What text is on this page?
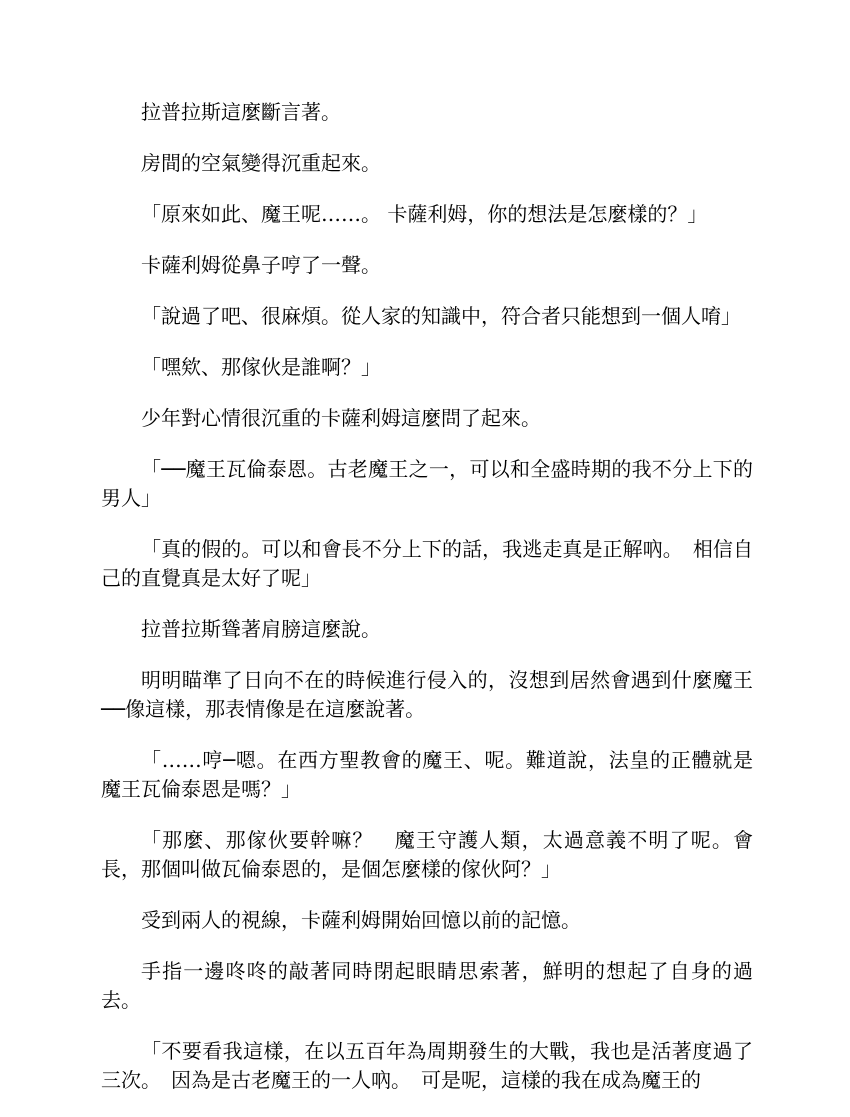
拉普拉斯這麼斷言著。

房間的空氣變得沉重起來。

「原來如此、魔王呢……。 卡薩利姆，你的想法是怎麼樣的？」

卡薩利姆從鼻子哼了一聲。

「說過了吧、很麻煩。從人家的知識中，符合者只能想到一個人唷」

「嘿欸、那傢伙是誰啊？」

少年對心情很沉重的卡薩利姆這麼問了起來。

「──魔王瓦倫泰恩。古老魔王之一，可以和全盛時期的我不分上下的男人」

「真的假的。可以和會長不分上下的話，我逃走真是正解吶。　相信自己的直覺真是太好了呢」

拉普拉斯聳著肩膀這麼說。

明明瞄準了日向不在的時候進行侵入的，沒想到居然會遇到什麼魔王──像這樣，那表情像是在這麼說著。

「……哼─嗯。在西方聖教會的魔王、呢。難道說，法皇的正體就是魔王瓦倫泰恩是嗎？」

「那麼、那傢伙要幹嘛？　魔王守護人類，太過意義不明了呢。會長，那個叫做瓦倫泰恩的，是個怎麼樣的傢伙阿？」

受到兩人的視線，卡薩利姆開始回憶以前的記憶。

手指一邊咚咚的敲著同時閉起眼睛思索著，鮮明的想起了自身的過去。

「不要看我這樣，在以五百年為周期發生的大戰，我也是活著度過了三次。　因為是古老魔王的一人吶。　可是呢，這樣的我在成為魔王的
